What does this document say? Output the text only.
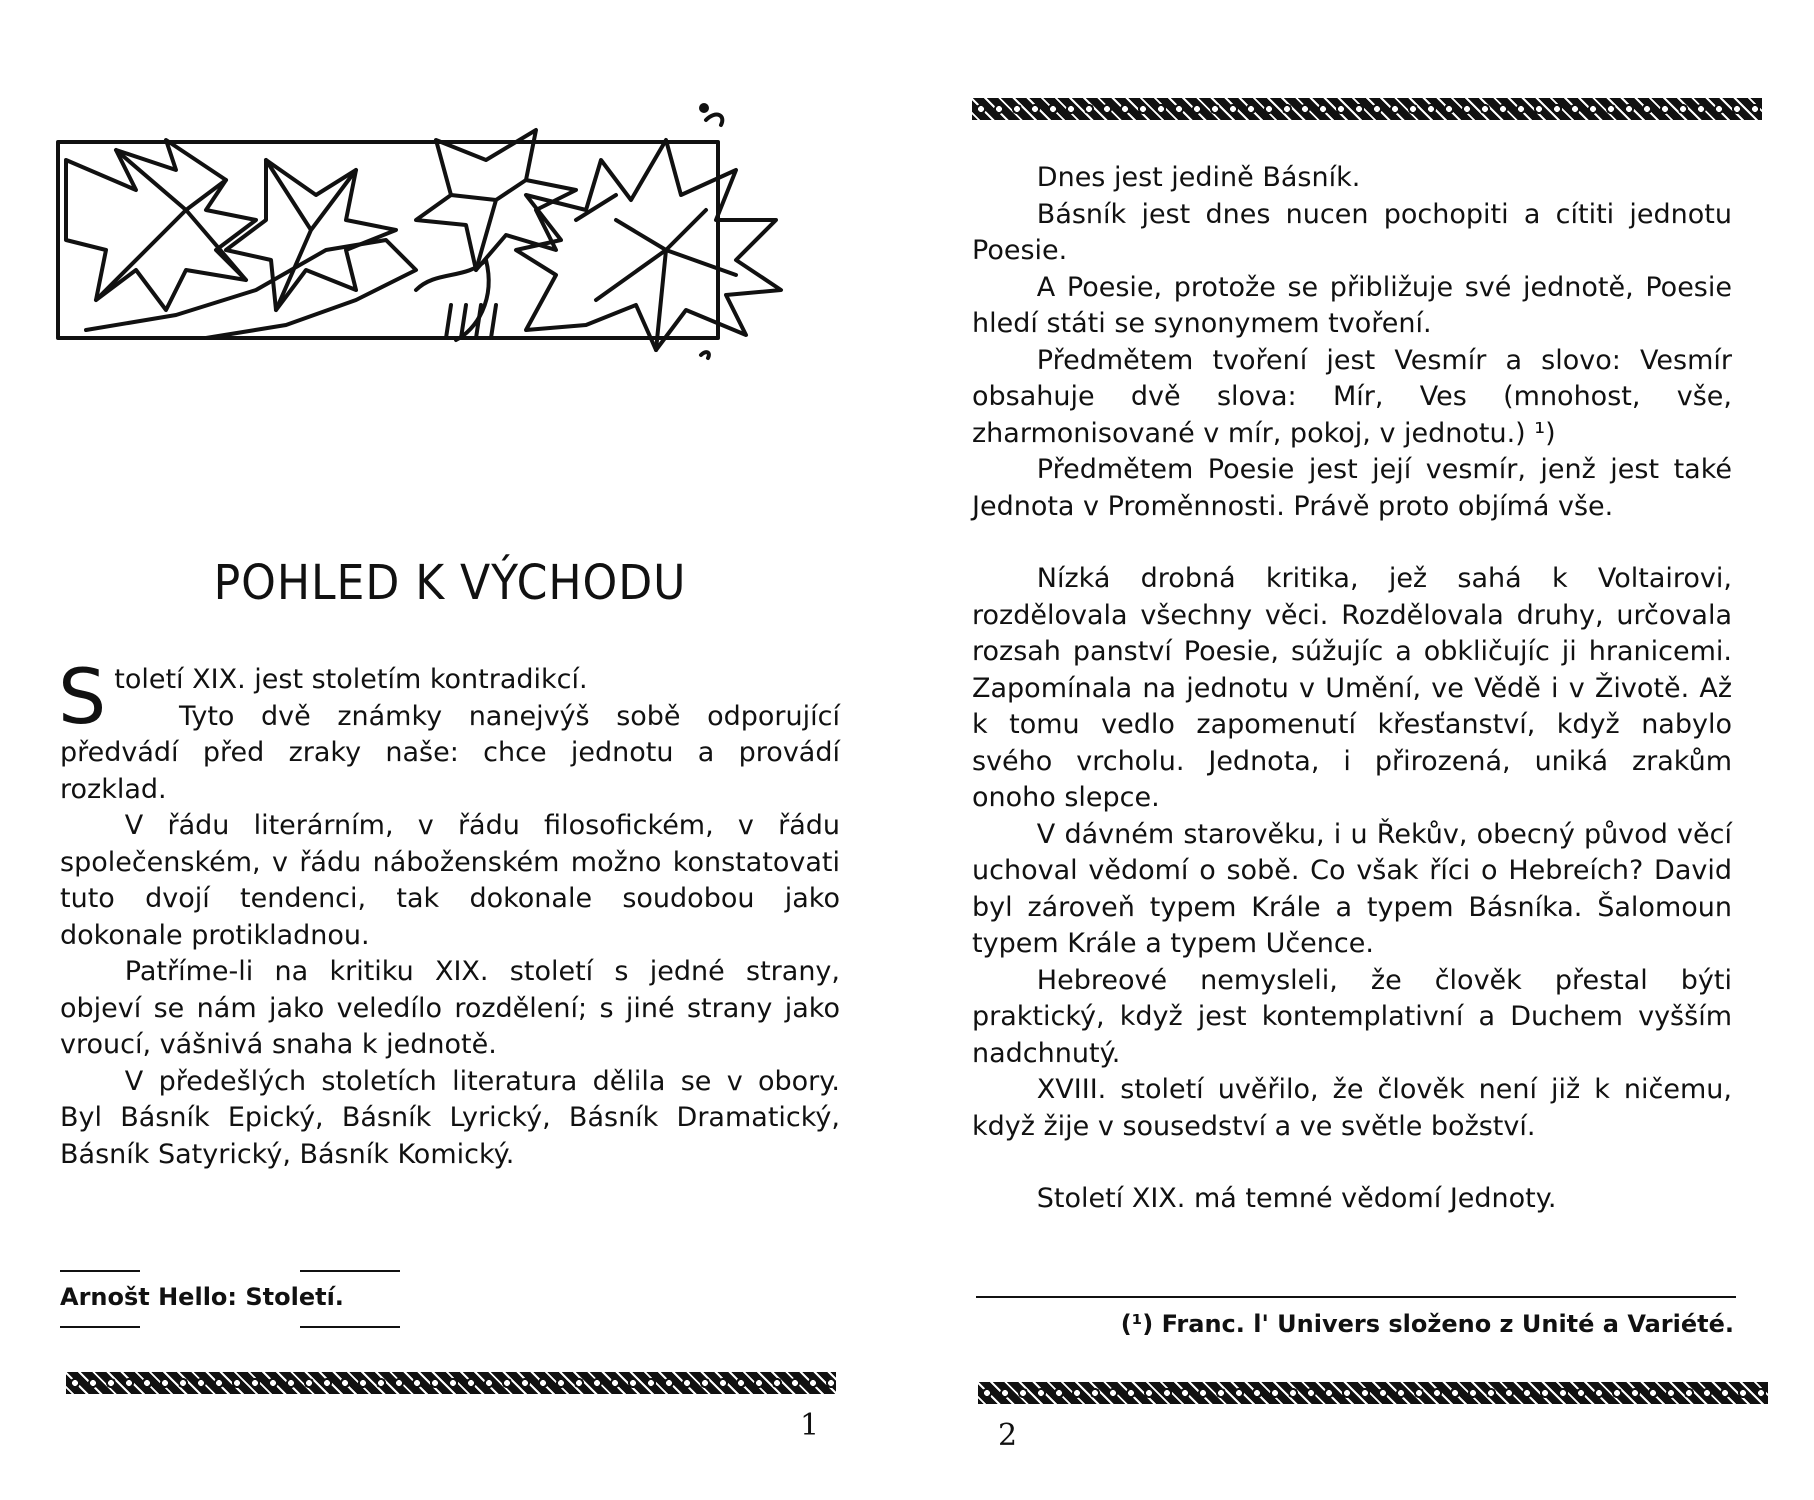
POHLED K VÝCHODU

S toletí XIX. jest stoletím kontradikcí.

Tyto dvě známky nanejvýš sobě odporující předvádí před zraky naše: chce jednotu a provádí rozklad.

V řádu literárním, v řádu filosofickém, v řádu společenském, v řádu náboženském možno konstatovati tuto dvojí tendenci, tak dokonale soudobou jako dokonale protikladnou.

Patříme-li na kritiku XIX. století s jedné strany, objeví se nám jako veledílo rozdělení; s jiné strany jako vroucí, vášnivá snaha k jednotě.

V předešlých stoletích literatura dělila se v obory. Byl Básník Epický, Básník Lyrický, Básník Dramatický, Básník Satyrický, Básník Komický.

Arnošt Hello: Století.
1

Dnes jest jedině Básník.

Básník jest dnes nucen pochopiti a cítiti jednotu Poesie.

A Poesie, protože se přibližuje své jednotě, Poesie hledí státi se synonymem tvoření.

Předmětem tvoření jest Vesmír a slovo: Vesmír obsahuje dvě slova: Mír, Ves (mnohost, vše, zharmonisované v mír, pokoj, v jednotu.) ¹)

Předmětem Poesie jest její vesmír, jenž jest také Jednota v Proměnnosti. Právě proto objímá vše.

Nízká drobná kritika, jež sahá k Voltairovi, rozdělovala všechny věci. Rozdělovala druhy, určovala rozsah panství Poesie, súžujíc a obkličujíc ji hranicemi. Zapomínala na jednotu v Umění, ve Vědě i v Životě. Až k tomu vedlo zapomenutí křesťanství, když nabylo svého vrcholu. Jednota, i přirozená, uniká zrakům onoho slepce.

V dávném starověku, i u Řekův, obecný původ věcí uchoval vědomí o sobě. Co však říci o Hebreích? David byl zároveň typem Krále a typem Básníka. Šalomoun typem Krále a typem Učence.

Hebreové nemysleli, že člověk přestal býti praktický, když jest kontemplativní a Duchem vyšším nadchnutý.

XVIII. století uvěřilo, že člověk není již k ničemu, když žije v sousedství a ve světle božství.

Století XIX. má temné vědomí Jednoty.

(¹) Franc. l' Univers složeno z Unité a Variété.
2
